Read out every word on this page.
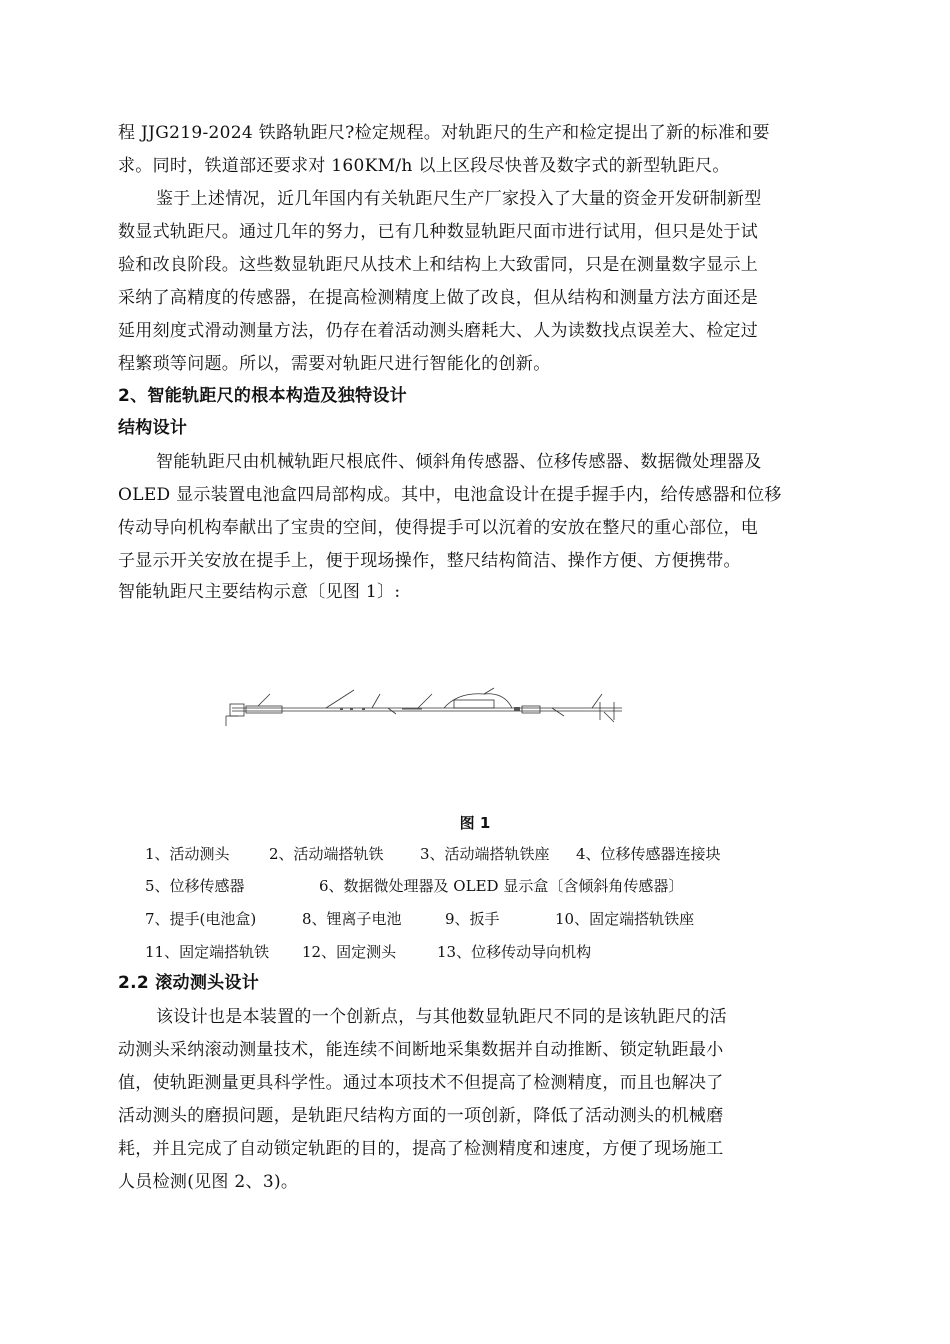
程 JJG219-2024 铁路轨距尺?检定规程。对轨距尺的生产和检定提出了新的标准和要
求。同时，铁道部还要求对 160KM/h 以上区段尽快普及数字式的新型轨距尺。
鉴于上述情况，近几年国内有关轨距尺生产厂家投入了大量的资金开发研制新型
数显式轨距尺。通过几年的努力，已有几种数显轨距尺面市进行试用，但只是处于试
验和改良阶段。这些数显轨距尺从技术上和结构上大致雷同，只是在测量数字显示上
采纳了高精度的传感器，在提高检测精度上做了改良，但从结构和测量方法方面还是
延用刻度式滑动测量方法，仍存在着活动测头磨耗大、人为读数找点误差大、检定过
程繁琐等问题。所以，需要对轨距尺进行智能化的创新。
2、智能轨距尺的根本构造及独特设计
结构设计
智能轨距尺由机械轨距尺根底件、倾斜角传感器、位移传感器、数据微处理器及
OLED 显示装置电池盒四局部构成。其中，电池盒设计在提手握手内，给传感器和位移
传动导向机构奉献出了宝贵的空间，使得提手可以沉着的安放在整尺的重心部位，电
子显示开关安放在提手上，便于现场操作，整尺结构简洁、操作方便、方便携带。
智能轨距尺主要结构示意〔见图 1〕:
图 1
1、活动测头	2、活动端搭轨铁 3、活动端搭轨铁座 4、位移传感器连接块
5、位移传感器	6、数据微处理器及 OLED 显示盒〔含倾斜角传感器〕
7、提手(电池盒)	8、锂离子电池	9、扳手	10、固定端搭轨铁座
11、固定端搭轨铁 12、固定测头	13、位移传动导向机构
2.2 滚动测头设计
该设计也是本装置的一个创新点，与其他数显轨距尺不同的是该轨距尺的活
动测头采纳滚动测量技术，能连续不间断地采集数据并自动推断、锁定轨距最小
值，使轨距测量更具科学性。通过本项技术不但提高了检测精度，而且也解决了
活动测头的磨损问题，是轨距尺结构方面的一项创新，降低了活动测头的机械磨
耗，并且完成了自动锁定轨距的目的，提高了检测精度和速度，方便了现场施工
人员检测(见图 2、3)。
